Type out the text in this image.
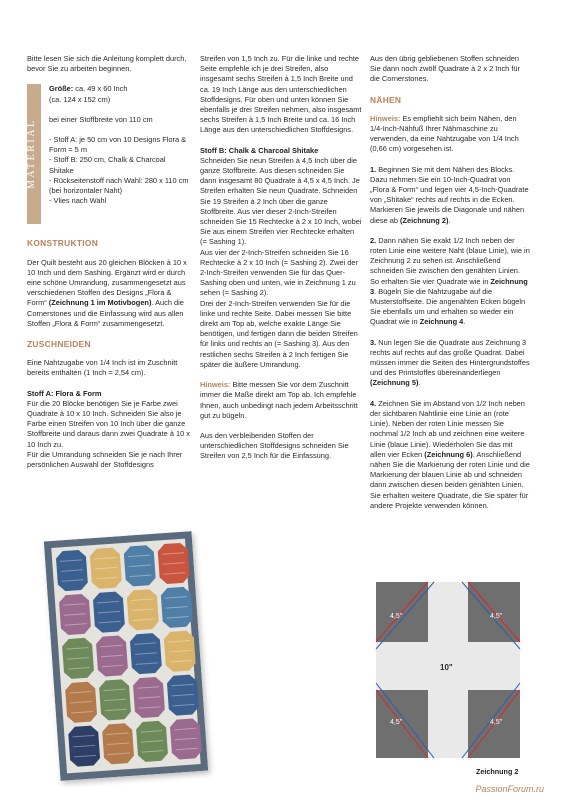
Bitte lesen Sie sich die Anleitung komplett durch, bevor Sie zu arbeiten beginnen.

MATERIAL

Größe: ca. 49 x 60 Inch

(ca. 124 x 152 cm)

bei einer Stoffbreite von 110 cm

- Stoff A: je 50 cm von 10 Designs Flora & Form = 5 m

- Stoff B: 250 cm, Chalk & Charcoal Shitake

- Rückseitenstoff nach Wahl: 280 x 110 cm (bei horizontaler Naht)

- Vlies nach Wahl

KONSTRUKTION

Der Quilt besteht aus 20 gleichen Blöcken à 10 x 10 Inch und dem Sashing. Ergänzt wird er durch eine schöne Umrandung, zusammengesetzt aus verschiedenen Stoffen des Designs „Flora & Form“ (Zeichnung 1 im Motivbogen). Auch die Cornerstones und die Einfassung wird aus allen Stoffen „Flora & Form“ zusammengesetzt.

ZUSCHNEIDEN

Eine Nahtzugabe von 1/4 Inch ist im Zuschnitt bereits enthalten (1 Inch = 2,54 cm).

Stoff A: Flora & Form

Für die 20 Blöcke benötigen Sie je Farbe zwei Quadrate à 10 x 10 Inch. Schneiden Sie also je Farbe einen Streifen von 10 Inch über die ganze Stoffbreite und daraus dann zwei Quadrate à 10 x 10 Inch zu.

Für die Umrandung schneiden Sie je nach Ihrer persönlichen Auswahl der Stoffdesigns

Streifen von 1,5 Inch zu. Für die linke und rechte Seite empfehle ich je drei Streifen, also insgesamt sechs Streifen à 1,5 Inch Breite und ca. 19 Inch Länge aus den unterschiedlichen Stoffdesigns. Für oben und unten können Sie ebenfalls je drei Streifen nehmen, also insgesamt sechs Streifen à 1,5 Inch Breite und ca. 16 Inch Länge aus den unterschiedlichen Stoffdesigns.

Stoff B: Chalk & Charcoal Shitake

Schneiden Sie neun Streifen à 4,5 Inch über die ganze Stoffbreite. Aus diesen schneiden Sie dann insgesamt 80 Quadrate à 4,5 x 4,5 Inch. Je Streifen erhalten Sie neun Quadrate. Schneiden Sie 19 Streifen à 2 Inch über die ganze Stoffbreite. Aus vier dieser 2-Inch-Streifen schneiden Sie 15 Rechtecke à 2 x 10 Inch, wobei Sie aus einem Streifen vier Rechtecke erhalten (= Sashing 1).

Aus vier der 2-Inch-Streifen schneiden Sie 16 Rechtecke à 2 x 10 Inch (= Sashing 2). Zwei der 2-Inch-Streifen verwenden Sie für das Quer-Sashing oben und unten, wie in Zeichnung 1 zu sehen (= Sashing 2).

Drei der 2-Inch-Streifen verwenden Sie für die linke und rechte Seite. Dabei messen Sie bitte direkt am Top ab, welche exakte Länge Sie benötigen, und fertigen dann die beiden Streifen für links und rechts an (= Sashing 3). Aus den restlichen sechs Streifen à 2 Inch fertigen Sie später die äußere Umrandung.

Hinweis: Bitte messen Sie vor dem Zuschnitt immer die Maße direkt am Top ab. Ich empfehle Ihnen, auch unbedingt nach jedem Arbeitsschritt gut zu bügeln.

Aus den verbleibenden Stoffen der unterschiedlichen Stoffdesigns schneiden Sie Streifen von 2,5 Inch für die Einfassung.

Aus den übrig gebliebenen Stoffen schneiden Sie dann noch zwölf Quadrate à 2 x 2 Inch für die Cornerstones.

NÄHEN

Hinweis: Es empfiehlt sich beim Nähen, den 1/4-Inch-Nähfuß Ihrer Nähmaschine zu verwenden, da eine Nahtzugabe von 1/4 Inch (0,66 cm) vorgesehen ist.

1. Beginnen Sie mit dem Nähen des Blocks. Dazu nehmen Sie ein 10-Inch-Quadrat von „Flora & Form“ und legen vier 4,5-Inch-Quadrate von „Shitake“ rechts auf rechts in die Ecken. Markieren Sie jeweils die Diagonale und nähen diese ab (Zeichnung 2).

2. Dann nähen Sie exakt 1/2 Inch neben der roten Linie eine weitere Naht (blaue Linie), wie in Zeichnung 2 zu sehen ist. Anschließend schneiden Sie zwischen den genähten Linien. So erhalten Sie vier Quadrate wie in Zeichnung 3. Bügeln Sie die Nahtzugabe auf die Musterstoffseite. Die angenähten Ecken bügeln Sie ebenfalls um und erhalten so wieder ein Quadrat wie in Zeichnung 4.

3. Nun legen Sie die Quadrate aus Zeichnung 3 rechts auf rechts auf das große Quadrat. Dabei müssen immer die Seiten des Hintergrundstoffes und des Printstoffes übereinanderliegen (Zeichnung 5).

4. Zeichnen Sie im Abstand von 1/2 Inch neben der sichtbaren Nahtlinie eine Linie an (rote Linie). Neben der roten Linie messen Sie nochmal 1/2 Inch ab und zeichnen eine weitere Linie (blaue Linie). Wiederholen Sie das mit allen vier Ecken (Zeichnung 6). Anschließend nähen Sie die Markierung der roten Linie und die Markierung der blauen Linie ab und schneiden dann zwischen diesen beiden genähten Linien. Sie erhalten weitere Quadrate, die Sie später für andere Projekte verwenden können.

4,5"	4,5"
4,5"	4,5"
10"
Zeichnung 2
PassionForum.ru
